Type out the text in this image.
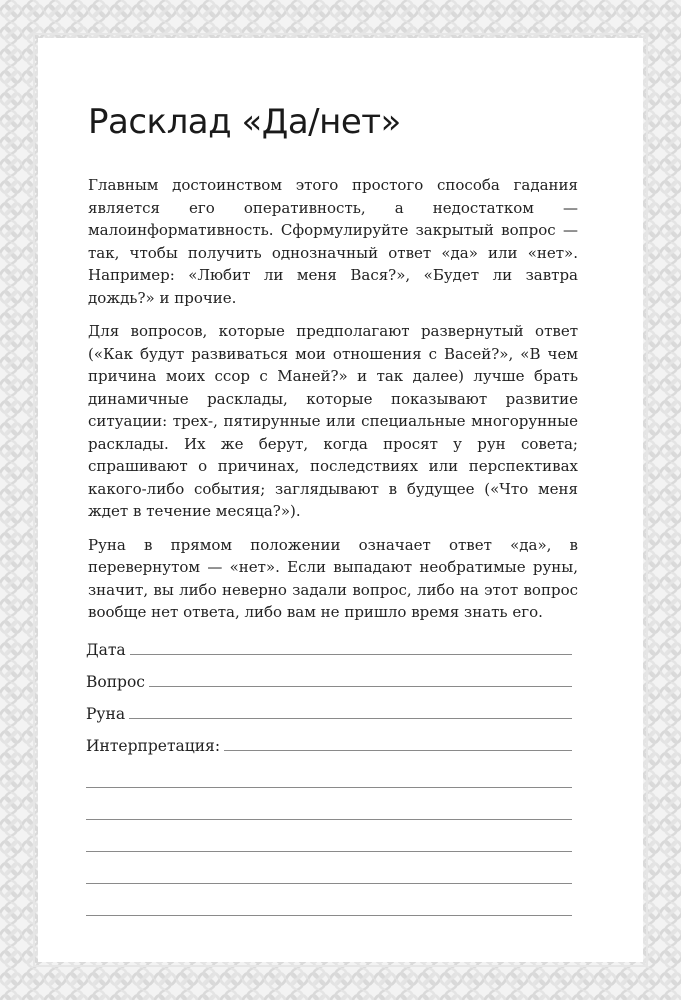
Расклад «Да/нет»

Главным достоинством этого простого способа гадания является его оперативность, а недостатком — малоинформативность. Сформулируйте закрытый вопрос — так, чтобы получить однозначный ответ «да» или «нет». Например: «Любит ли меня Вася?», «Будет ли завтра дождь?» и прочие.

Для вопросов, которые предполагают развернутый ответ («Как будут развиваться мои отношения с Васей?», «В чем причина моих ссор с Маней?» и так далее) лучше брать динамичные расклады, которые показывают развитие ситуации: трех-, пятирунные или специальные многорунные расклады. Их же берут, когда просят у рун совета; спрашивают о причинах, последствиях или перспективах какого-либо события; заглядывают в будущее («Что меня ждет в течение месяца?»).

Руна в прямом положении означает ответ «да», в перевернутом — «нет». Если выпадают необратимые руны, значит, вы либо неверно задали вопрос, либо на этот вопрос вообще нет ответа, либо вам не пришло время знать его.

Дата
Вопрос
Руна
Интерпретация:
